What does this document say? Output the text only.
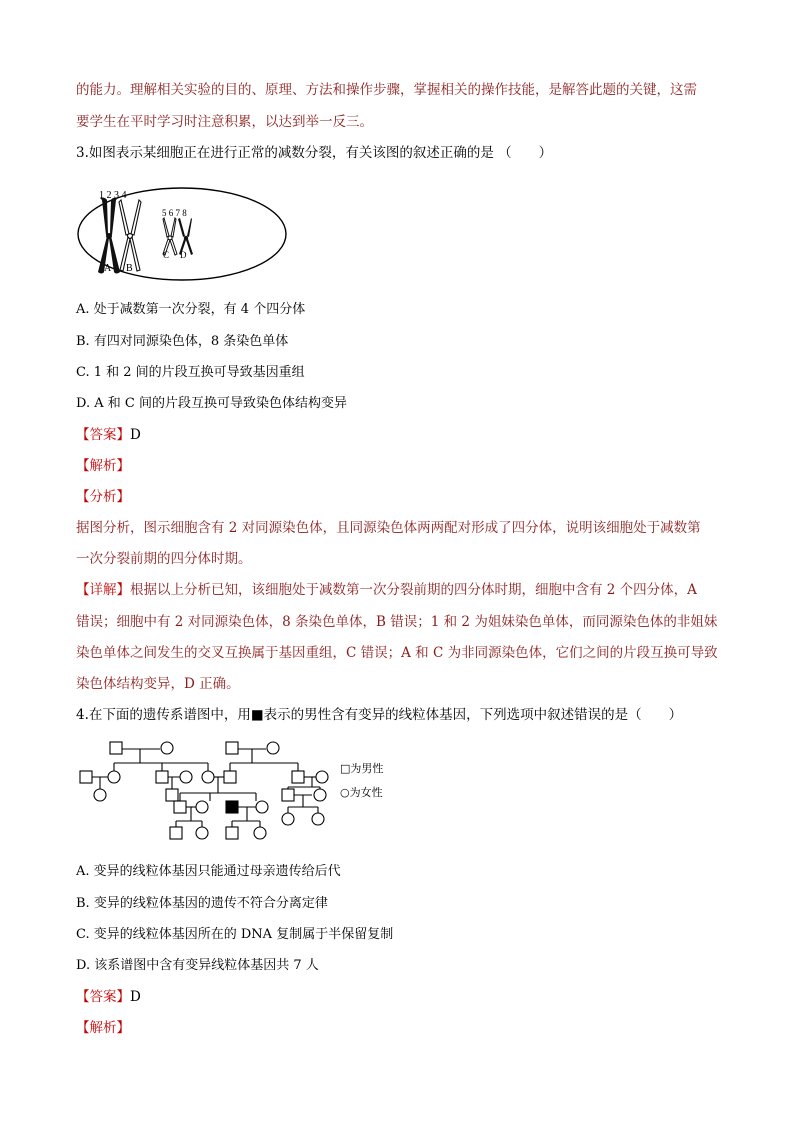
的能力。理解相关实验的目的、原理、方法和操作步骤，掌握相关的操作技能，是解答此题的关键，这需
要学生在平时学习时注意积累，以达到举一反三。
3.如图表示某细胞正在进行正常的减数分裂，有关该图的叙述正确的是 （　　）
1 2 3 4
5 6 7 8
A B
C D
A. 处于减数第一次分裂，有 4 个四分体
B. 有四对同源染色体，8 条染色单体
C. 1 和 2 间的片段互换可导致基因重组
D. A 和 C 间的片段互换可导致染色体结构变异
【答案】D
【解析】
【分析】
据图分析，图示细胞含有 2 对同源染色体，且同源染色体两两配对形成了四分体，说明该细胞处于减数第
一次分裂前期的四分体时期。
【详解】根据以上分析已知，该细胞处于减数第一次分裂前期的四分体时期，细胞中含有 2 个四分体，A
错误；细胞中有 2 对同源染色体，8 条染色单体，B 错误；1 和 2 为姐妹染色单体，而同源染色体的非姐妹
染色单体之间发生的交叉互换属于基因重组，C 错误；A 和 C 为非同源染色体，它们之间的片段互换可导致
染色体结构变异，D 正确。
4.在下面的遗传系谱图中，用■表示的男性含有变异的线粒体基因，下列选项中叙述错误的是（　　）
□为男性
○为女性
A. 变异的线粒体基因只能通过母亲遗传给后代
B. 变异的线粒体基因的遗传不符合分离定律
C. 变异的线粒体基因所在的 DNA 复制属于半保留复制
D. 该系谱图中含有变异线粒体基因共 7 人
【答案】D
【解析】
